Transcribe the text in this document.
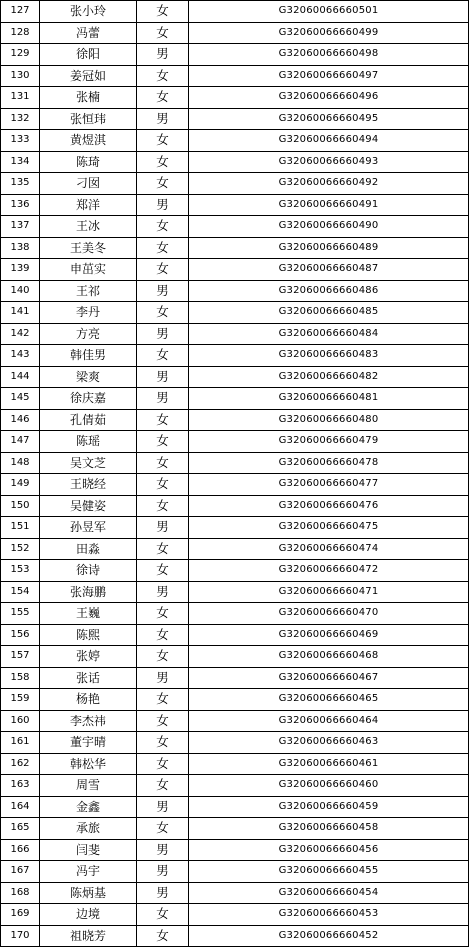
127	张小玲	女	G32060066660501
128	冯蕾	女	G32060066660499
129	徐阳	男	G32060066660498
130	姜冠如	女	G32060066660497
131	张楠	女	G32060066660496
132	张恒玮	男	G32060066660495
133	黄煜淇	女	G32060066660494
134	陈琦	女	G32060066660493
135	刁囡	女	G32060066660492
136	郑洋	男	G32060066660491
137	王冰	女	G32060066660490
138	王美冬	女	G32060066660489
139	申茁实	女	G32060066660487
140	王祁	男	G32060066660486
141	李丹	女	G32060066660485
142	方亮	男	G32060066660484
143	韩佳男	女	G32060066660483
144	梁爽	男	G32060066660482
145	徐庆嘉	男	G32060066660481
146	孔倩茹	女	G32060066660480
147	陈瑶	女	G32060066660479
148	吴文芝	女	G32060066660478
149	王晓经	女	G32060066660477
150	吴健姿	女	G32060066660476
151	孙昱军	男	G32060066660475
152	田淼	女	G32060066660474
153	徐诗	女	G32060066660472
154	张海鹏	男	G32060066660471
155	王巍	女	G32060066660470
156	陈熙	女	G32060066660469
157	张婷	女	G32060066660468
158	张话	男	G32060066660467
159	杨艳	女	G32060066660465
160	李杰祎	女	G32060066660464
161	董宇晴	女	G32060066660463
162	韩松华	女	G32060066660461
163	周雪	女	G32060066660460
164	金鑫	男	G32060066660459
165	承旅	女	G32060066660458
166	闫斐	男	G32060066660456
167	冯宇	男	G32060066660455
168	陈炳基	男	G32060066660454
169	边境	女	G32060066660453
170	祖晓芳	女	G32060066660452
